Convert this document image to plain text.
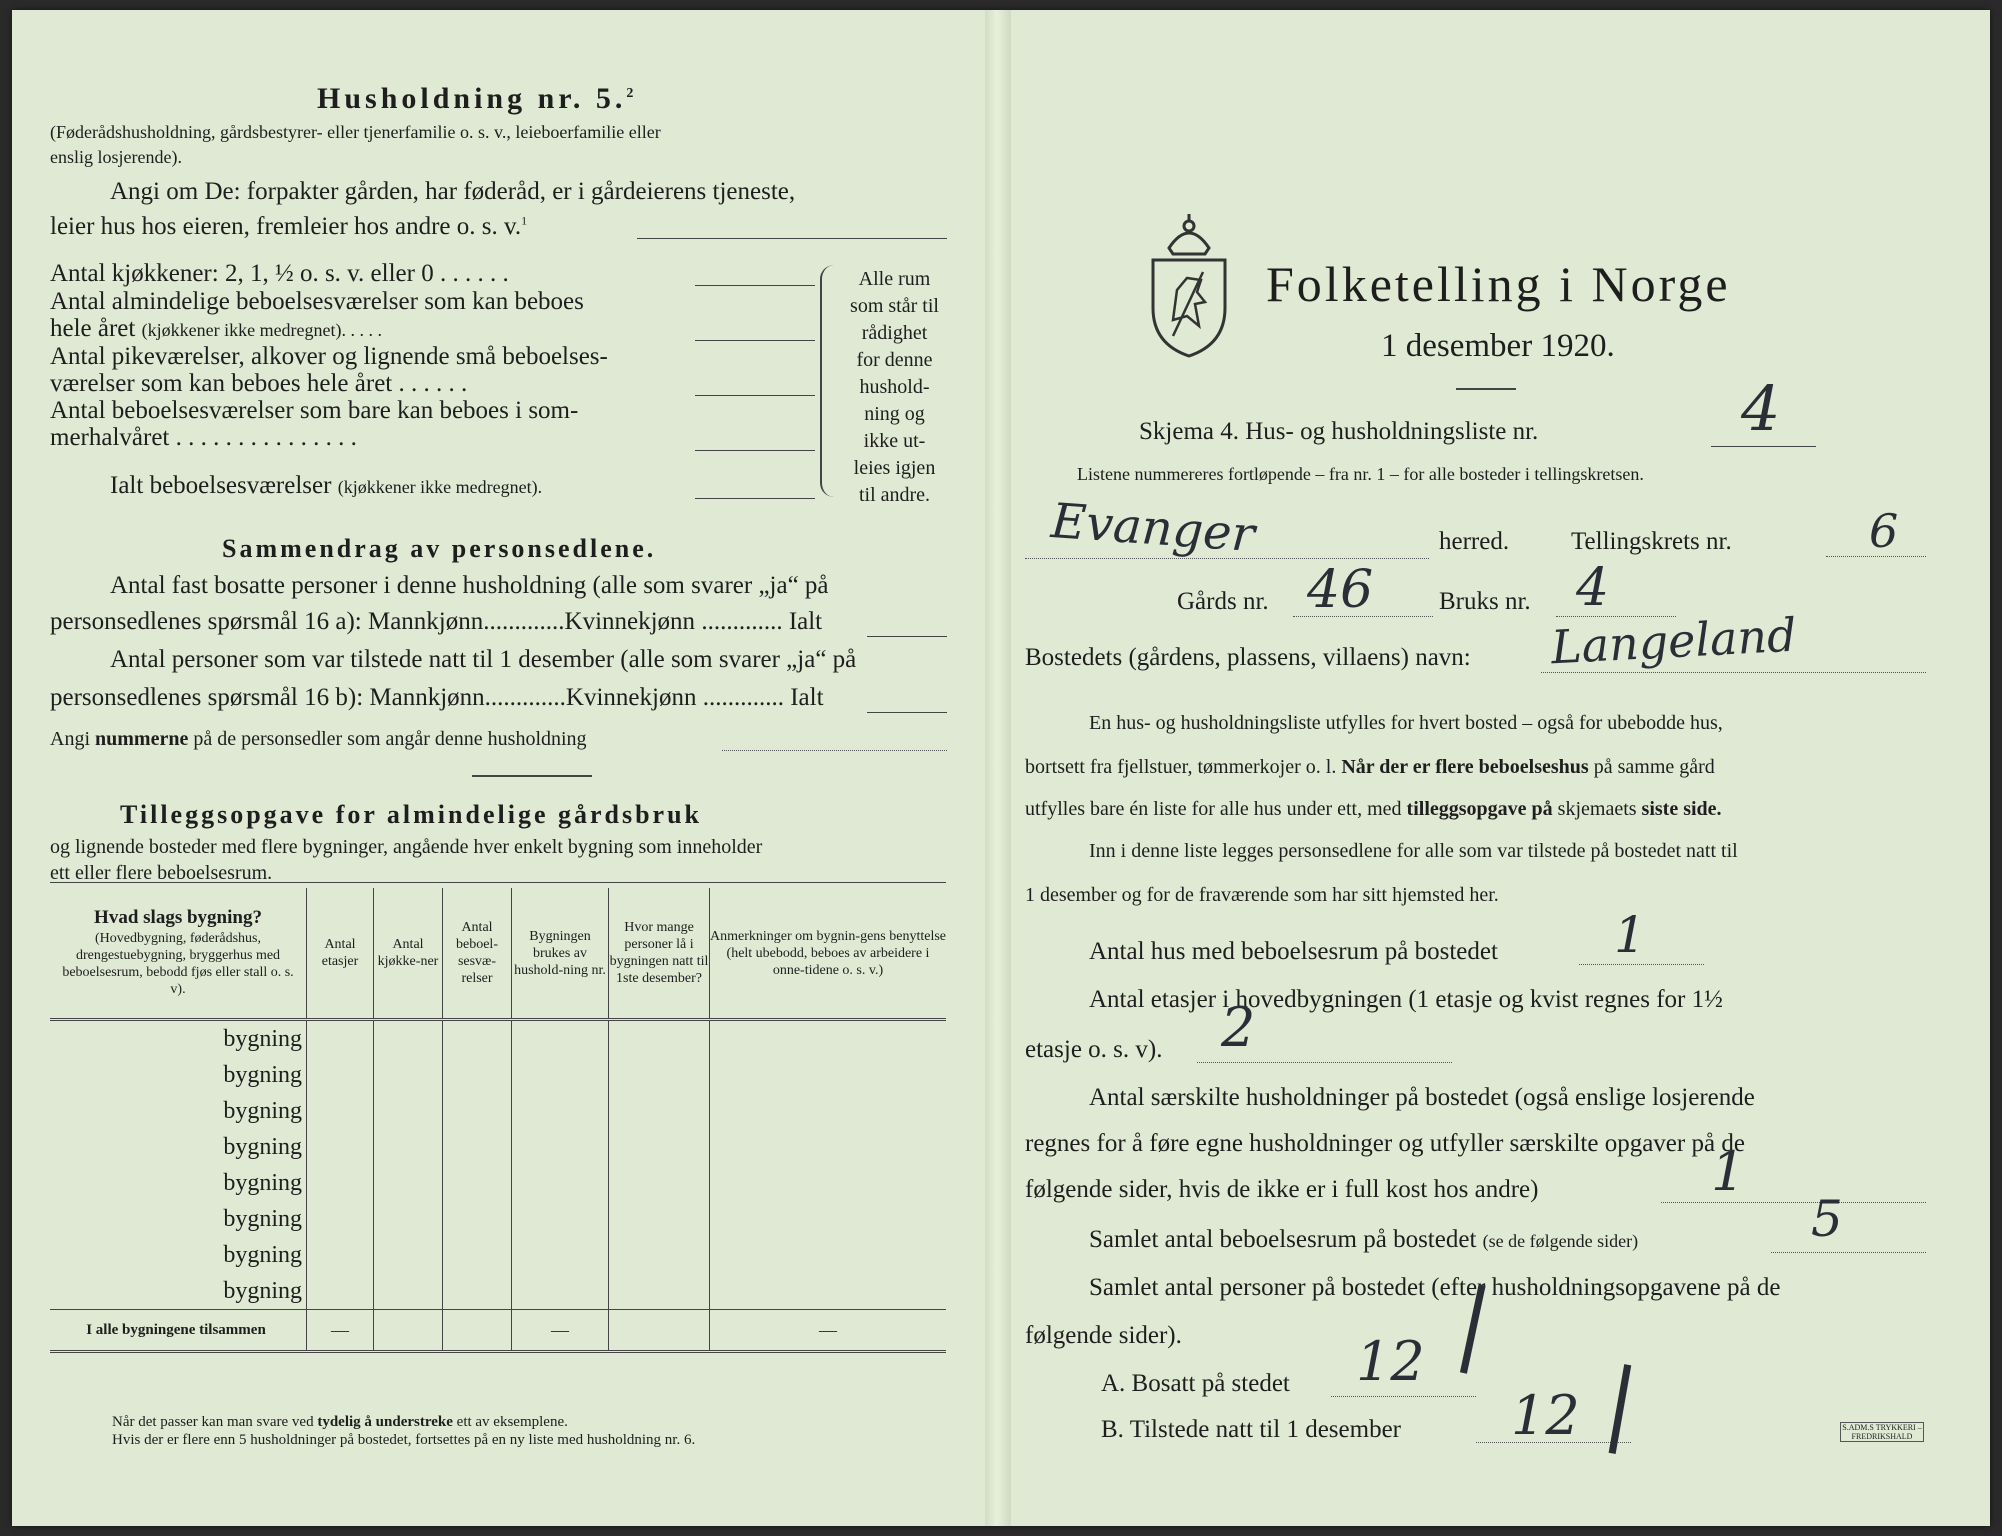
Husholdning nr. 5.$^2$
(Føderådshusholdning, gårdsbestyrer- eller tjenerfamilie o. s. v., leieboerfamilie eller
enslig losjerende).
Angi om De: forpakter gården, har føderåd, er i gårdeierens tjeneste,
leier hus hos eieren, fremleier hos andre o. s. v.$^1$
Antal kjøkkener: 2, 1, ½ o. s. v. eller 0 . . . . . .
Antal almindelige beboelsesværelser som kan beboes
hele året (kjøkkener ikke medregnet). . . . .
Antal pikeværelser, alkover og lignende små beboelses-
værelser som kan beboes hele året . . . . . .
Antal beboelsesværelser som bare kan beboes i som-
merhalvåret . . . . . . . . . . . . . . .
Ialt beboelsesværelser (kjøkkener ikke medregnet).
Alle rum
som står til
rådighet
for denne
hushold-
ning og
ikke ut-
leies igjen
til andre.
Sammendrag av personsedlene.
Antal fast bosatte personer i denne husholdning (alle som svarer „ja“ på
personsedlenes spørsmål 16 a): Mannkjønn.............Kvinnekjønn ............. Ialt
Antal personer som var tilstede natt til 1 desember (alle som svarer „ja“ på
personsedlenes spørsmål 16 b): Mannkjønn.............Kvinnekjønn ............. Ialt
Angi nummerne på de personsedler som angår denne husholdning
Tilleggsopgave for almindelige gårdsbruk
og lignende bosteder med flere bygninger, angående hver enkelt bygning som inneholder
ett eller flere beboelsesrum.
Hvad slags bygning?
(Hovedbygning, føderådshus, drengestuebygning, bryggerhus med beboelsesrum, bebodd fjøs eller stall o. s. v).	Antal etasjer	Antal kjøkke-ner	Antal beboel-sesvæ-relser	Bygningen brukes av hushold-ning nr.	Hvor mange personer lå i bygningen natt til 1ste desember?	Anmerkninger om bygnin-gens benyttelse (helt ubebodd, beboes av arbeidere i onne-tidene o. s. v.)
bygning						
bygning						
bygning						
bygning						
bygning						
bygning						
bygning						
bygning						
I alle bygningene tilsammen	—			—		—
Når det passer kan man svare ved tydelig å understreke ett av eksemplene.
Hvis der er flere enn 5 husholdninger på bostedet, fortsettes på en ny liste med husholdning nr. 6.
Folketelling i Norge
1 desember 1920.
Skjema 4. Hus- og husholdningsliste nr.	4
Listene nummereres fortløpende – fra nr. 1 – for alle bosteder i tellingskretsen.
Evanger	herred. Tellingskrets nr.	6
Gårds nr. 46	Bruks nr. 4
Bostedets (gårdens, plassens, villaens) navn: Langeland
En hus- og husholdningsliste utfylles for hvert bosted – også for ubebodde hus,
bortsett fra fjellstuer, tømmerkojer o. l. Når der er flere beboelseshus på samme gård
utfylles bare én liste for alle hus under ett, med tilleggsopgave på skjemaets siste side.
Inn i denne liste legges personsedlene for alle som var tilstede på bostedet natt til
1 desember og for de fraværende som har sitt hjemsted her.
Antal hus med beboelsesrum på bostedet 1
Antal etasjer i hovedbygningen (1 etasje og kvist regnes for 1½
etasje o. s. v). 2
Antal særskilte husholdninger på bostedet (også enslige losjerende
regnes for å føre egne husholdninger og utfyller særskilte opgaver på de
følgende sider, hvis de ikke er i full kost hos andre)	1
Samlet antal beboelsesrum på bostedet (se de følgende sider)	5
Samlet antal personer på bostedet (efter husholdningsopgavene på de
følgende sider).
A. Bosatt på stedet 12 |
B. Tilstede natt til 1 desember 12 |	S.ADM.S TRYKKERI – FREDRIKSHALD
